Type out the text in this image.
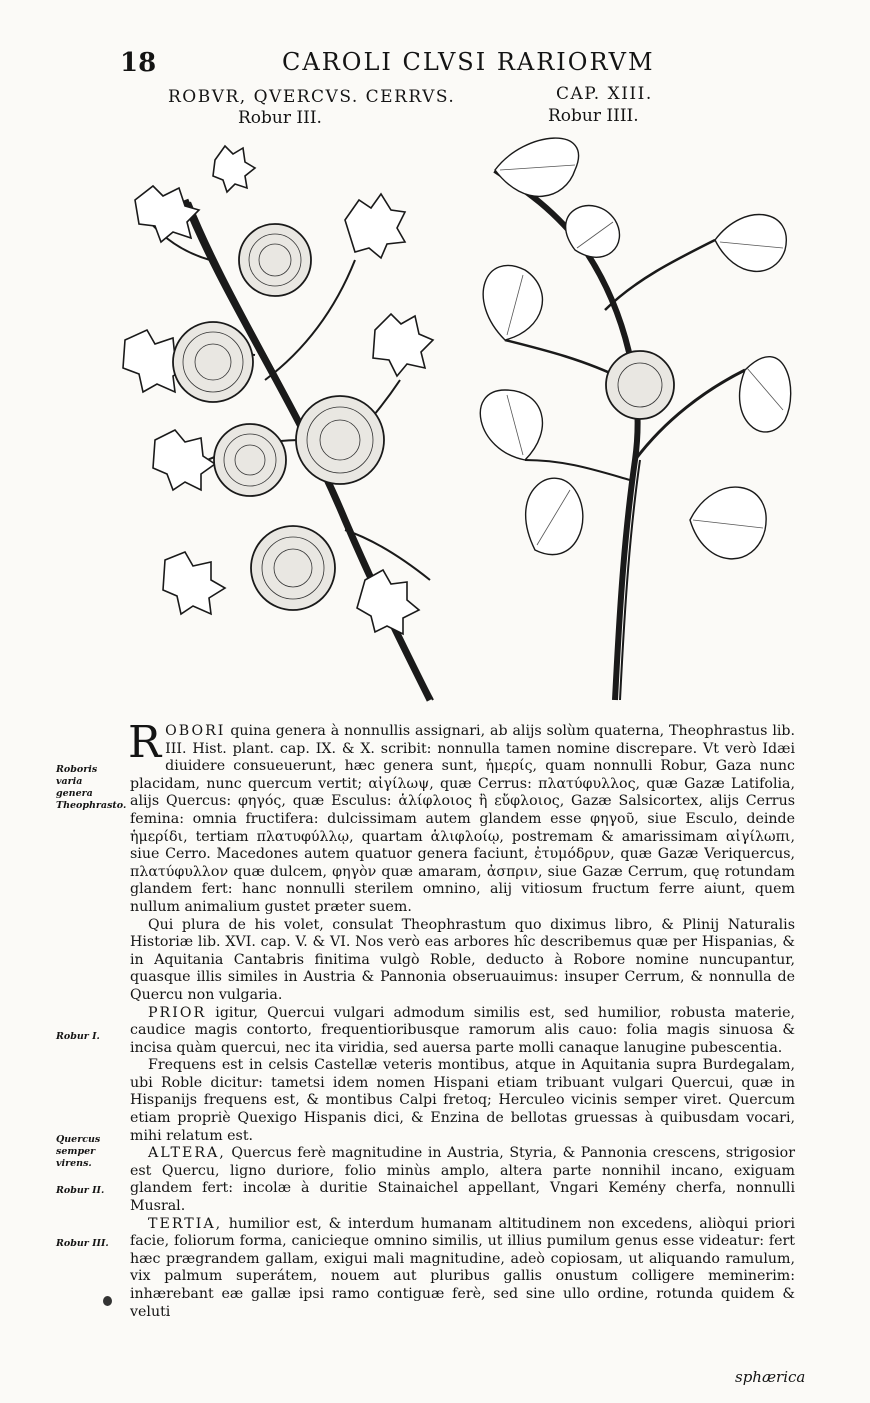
18	CAROLI CLVSI RARIORVM
ROBVR, QVERCVS. CERRVS.
Robur III.
CAP. XIII.
Robur IIII.

ROBORI quina genera à nonnullis assignari, ab alijs solùm quaterna, Theophrastus lib. III. Hist. plant. cap. IX. & X. scribit: nonnulla tamen nomine discrepare. Vt verò Idæi diuidere consueuerunt, hæc genera sunt, ἡμερίς, quam nonnulli Robur, Gaza nunc placidam, nunc quercum vertit; αἰγίλωψ, quæ Cerrus: πλατύφυλλος, quæ Gazæ Latifolia, alijs Quercus: φηγός, quæ Esculus: ἁλίφλοιος ἢ εὔφλοιος, Gazæ Salsicortex, alijs Cerrus femina: omnia fructifera: dulcissimam autem glandem esse φηγοῦ, siue Esculo, deinde ἡμερίδι, tertiam πλατυφύλλῳ, quartam ἁλιφλοίῳ, postremam & amarissimam αἰγίλωπι, siue Cerro. Macedones autem quatuor genera faciunt, ἐτυμόδρυν, quæ Gazæ Veriquercus, πλατύφυλλον quæ dulcem, φηγὸν quæ amaram, ἀσπριν, siue Gazæ Cerrum, quę rotundam glandem fert: hanc nonnulli sterilem omnino, alij vitiosum fructum ferre aiunt, quem nullum animalium gustet præter suem.

Qui plura de his volet, consulat Theophrastum quo diximus libro, & Plinij Naturalis Historiæ lib. XVI. cap. V. & VI. Nos verò eas arbores hîc describemus quæ per Hispanias, & in Aquitania Cantabris finitima vulgò Roble, deducto à Robore nomine nuncupantur, quasque illis similes in Austria & Pannonia obseruauimus: insuper Cerrum, & nonnulla de Quercu non vulgaria.

PRIOR igitur, Quercui vulgari admodum similis est, sed humilior, robusta materie, caudice magis contorto, frequentioribusque ramorum alis cauo: folia magis sinuosa & incisa quàm quercui, nec ita viridia, sed auersa parte molli canaque lanugine pubescentia.

Frequens est in celsis Castellæ veteris montibus, atque in Aquitania supra Burdegalam, ubi Roble dicitur: tametsi idem nomen Hispani etiam tribuant vulgari Quercui, quæ in Hispanijs frequens est, & montibus Calpi fretoq; Herculeo vicinis semper viret. Quercum etiam propriè Quexigo Hispanis dici, & Enzina de bellotas gruessas à quibusdam vocari, mihi relatum est.

ALTERA, Quercus ferè magnitudine in Austria, Styria, & Pannonia crescens, strigosior est Quercu, ligno duriore, folio minùs amplo, altera parte nonnihil incano, exiguam glandem fert: incolæ à duritie Stainaichel appellant, Vngari Kemény cherfa, nonnulli Musral.

TERTIA, humilior est, & interdum humanam altitudinem non excedens, aliòqui priori facie, foliorum forma, canicieque omnino similis, ut illius pumilum genus esse videatur: fert hæc prægrandem gallam, exigui mali magnitudine, adeò copiosam, ut aliquando ramulum, vix palmum superátem, nouem aut pluribus gallis onustum colligere meminerim: inhærebant eæ gallæ ipsi ramo contiguæ ferè, sed sine ullo ordine, rotunda quidem & veluti

Roboris varia genera Theophrasto.
Robur I.
Quercus semper virens.
Robur II.
Robur III.
sphærica
